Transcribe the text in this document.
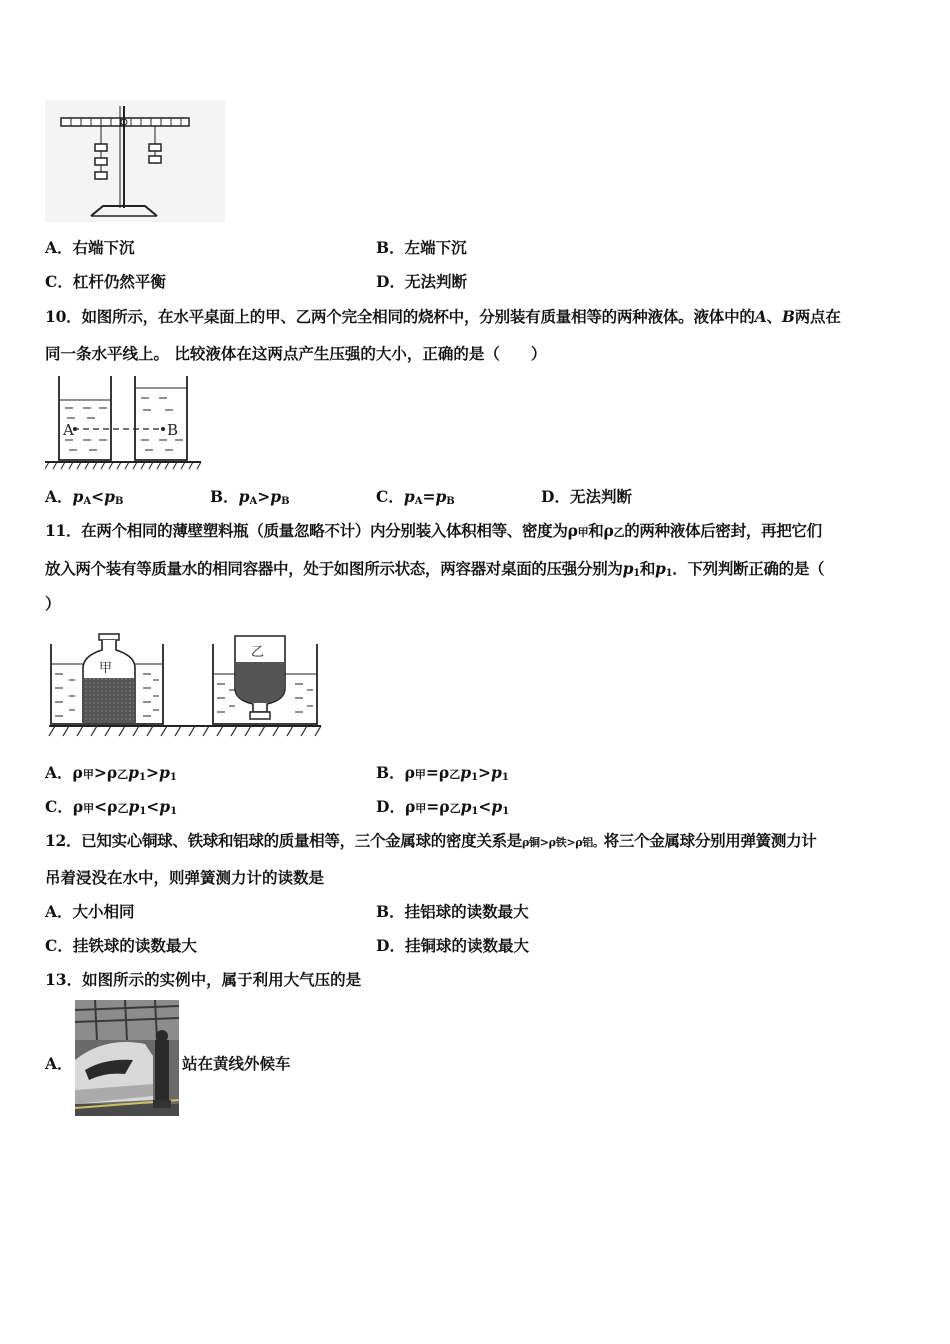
A．右端下沉	B．左端下沉
C．杠杆仍然平衡	D．无法判断
10．如图所示，在水平桌面上的甲、乙两个完全相同的烧杯中，分别装有质量相等的两种液体。液体中的A、B两点在
同一条水平线上。 比较液体在这两点产生压强的大小，正确的是（　　）
A	B
A．$p_A<p_B$	B．$p_A>p_B$	C．$p_A=p_B$	D．无法判断
11．在两个相同的薄壁塑料瓶（质量忽略不计）内分别装入体积相等、密度为ρ甲和ρ乙的两种液体后密封，再把它们
放入两个装有等质量水的相同容器中，处于如图所示状态，两容器对桌面的压强分别为$p_1$和$p_1$．下列判断正确的是（
）
甲
乙
A．ρ甲>ρ乙$p_1>p_1$	B．ρ甲=ρ乙$p_1>p_1$
C．ρ甲<ρ乙$p_1<p_1$	D．ρ甲=ρ乙$p_1<p_1$
12．已知实心铜球、铁球和铝球的质量相等，三个金属球的密度关系是ρ铜>ρ铁>ρ铝。将三个金属球分别用弹簧测力计
吊着浸没在水中，则弹簧测力计的读数是
A．大小相同	B．挂铝球的读数最大
C．挂铁球的读数最大	D．挂铜球的读数最大
13．如图所示的实例中，属于利用大气压的是
A．	站在黄线外候车
